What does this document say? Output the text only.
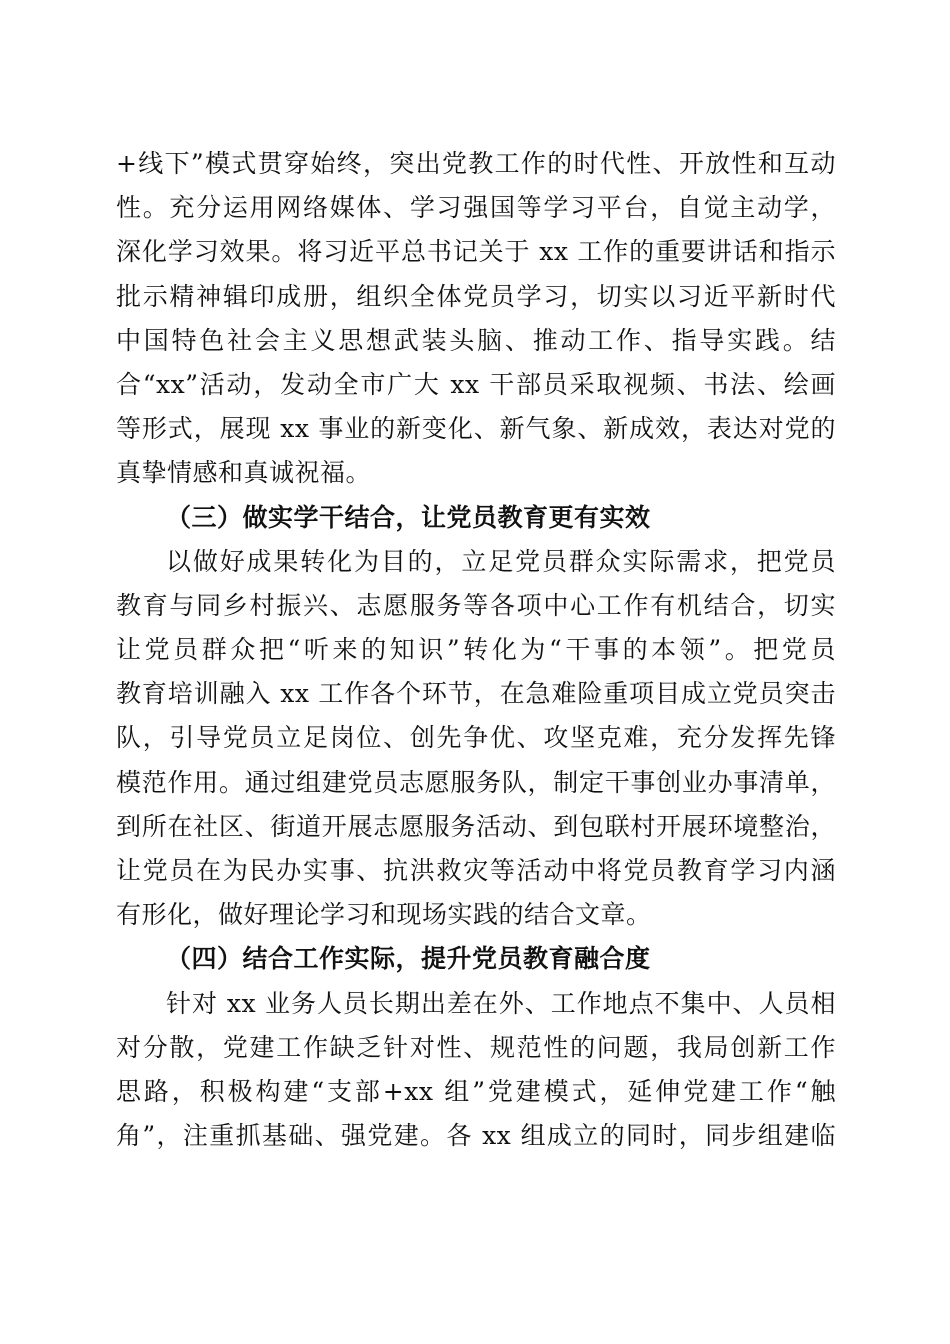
+线下”模式贯穿始终，突出党教工作的时代性、开放性和互动
性。充分运用网络媒体、学习强国等学习平台，自觉主动学，
深化学习效果。将习近平总书记关于 xx 工作的重要讲话和指示
批示精神辑印成册，组织全体党员学习，切实以习近平新时代
中国特色社会主义思想武装头脑、推动工作、指导实践。结
合“xx”活动，发动全市广大 xx 干部员采取视频、书法、绘画
等形式，展现 xx 事业的新变化、新气象、新成效，表达对党的
真挚情感和真诚祝福。
（三）做实学干结合，让党员教育更有实效
以做好成果转化为目的，立足党员群众实际需求，把党员
教育与同乡村振兴、志愿服务等各项中心工作有机结合，切实
让党员群众把“听来的知识”转化为“干事的本领”。把党员
教育培训融入 xx 工作各个环节，在急难险重项目成立党员突击
队，引导党员立足岗位、创先争优、攻坚克难，充分发挥先锋
模范作用。通过组建党员志愿服务队，制定干事创业办事清单，
到所在社区、街道开展志愿服务活动、到包联村开展环境整治，
让党员在为民办实事、抗洪救灾等活动中将党员教育学习内涵
有形化，做好理论学习和现场实践的结合文章。
（四）结合工作实际，提升党员教育融合度
针对 xx 业务人员长期出差在外、工作地点不集中、人员相
对分散，党建工作缺乏针对性、规范性的问题，我局创新工作
思路，积极构建“支部+xx 组”党建模式，延伸党建工作“触
角”，注重抓基础、强党建。各 xx 组成立的同时，同步组建临
